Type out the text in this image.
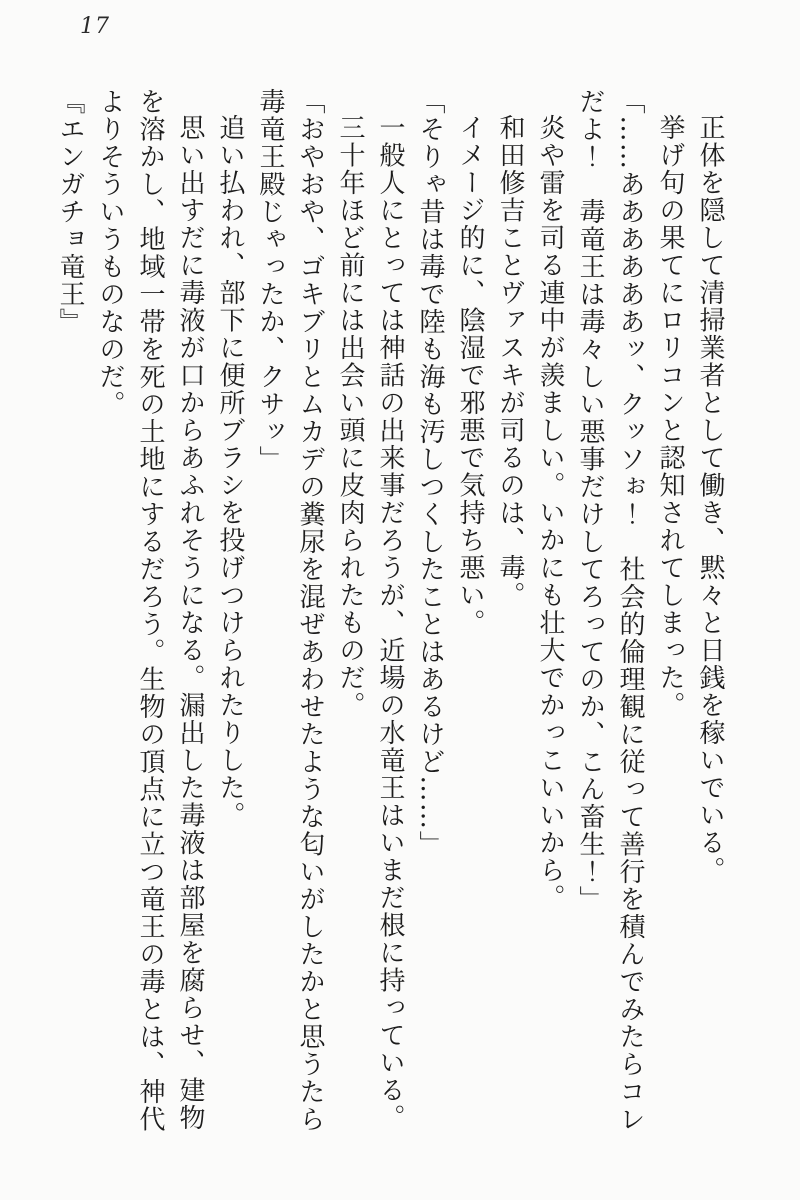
17

正体を隠して清掃業者として働き、黙々と日銭を稼いでいる。

挙げ句の果てにロリコンと認知されてしまった。

「……ああああああッ、クッソぉ！　社会的倫理観に従って善行を積んでみたらコレ

だよ！　毒竜王は毒々しい悪事だけしてろってのか、こん畜生！」

炎や雷を司る連中が羨ましい。いかにも壮大でかっこいいから。

和田修吉ことヴァスキが司るのは、毒。

イメージ的に、陰湿で邪悪で気持ち悪い。

「そりゃ昔は毒で陸も海も汚しつくしたことはあるけど……」

一般人にとっては神話の出来事だろうが、近場の水竜王はいまだ根に持っている。

三十年ほど前には出会い頭に皮肉られたものだ。

「おやおや、ゴキブリとムカデの糞尿を混ぜあわせたような匂いがしたかと思うたら

毒竜王殿じゃったか、クサッ」

追い払われ、部下に便所ブラシを投げつけられたりした。

思い出すだに毒液が口からあふれそうになる。漏出した毒液は部屋を腐らせ、建物

を溶かし、地域一帯を死の土地にするだろう。生物の頂点に立つ竜王の毒とは、神代

よりそういうものなのだ。

『エンガチョ竜王』
